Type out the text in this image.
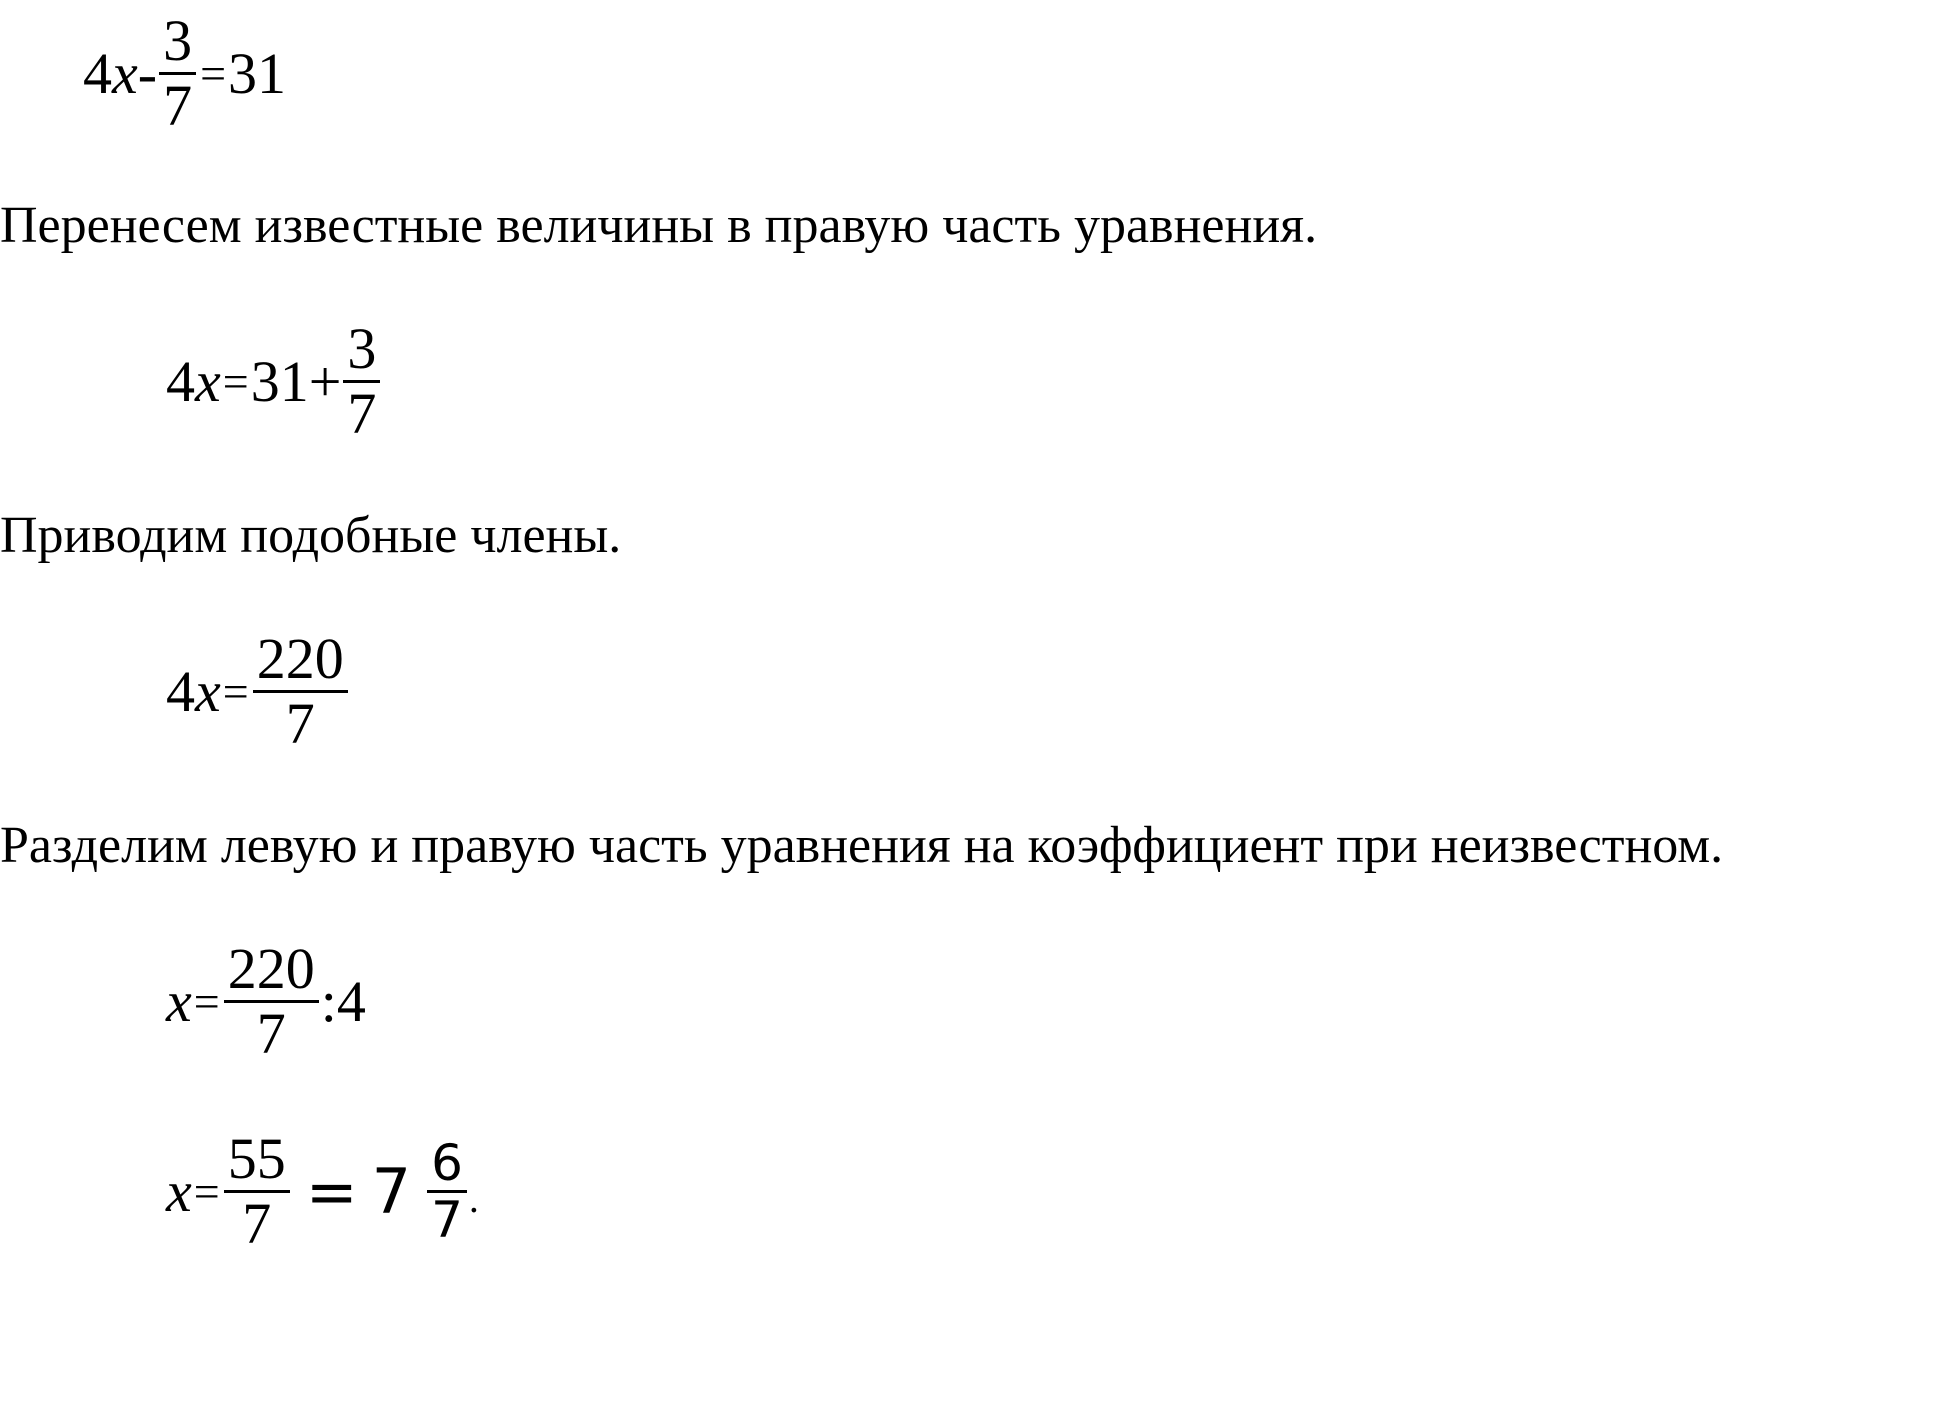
4 $x - \frac{3}{7} = 31$
Перенесем известные величины в правую часть уравнения.
4 $x = 31+ \frac{3}{7}$
Приводим подобные члены.
4 $x = \frac{220}{7}$
Разделим левую и правую часть уравнения на коэффициент при неизвестном.
$x = \frac{220}{7}$ :4
$x = \frac{55}{7} = 7 \frac{6}{7}$ .
